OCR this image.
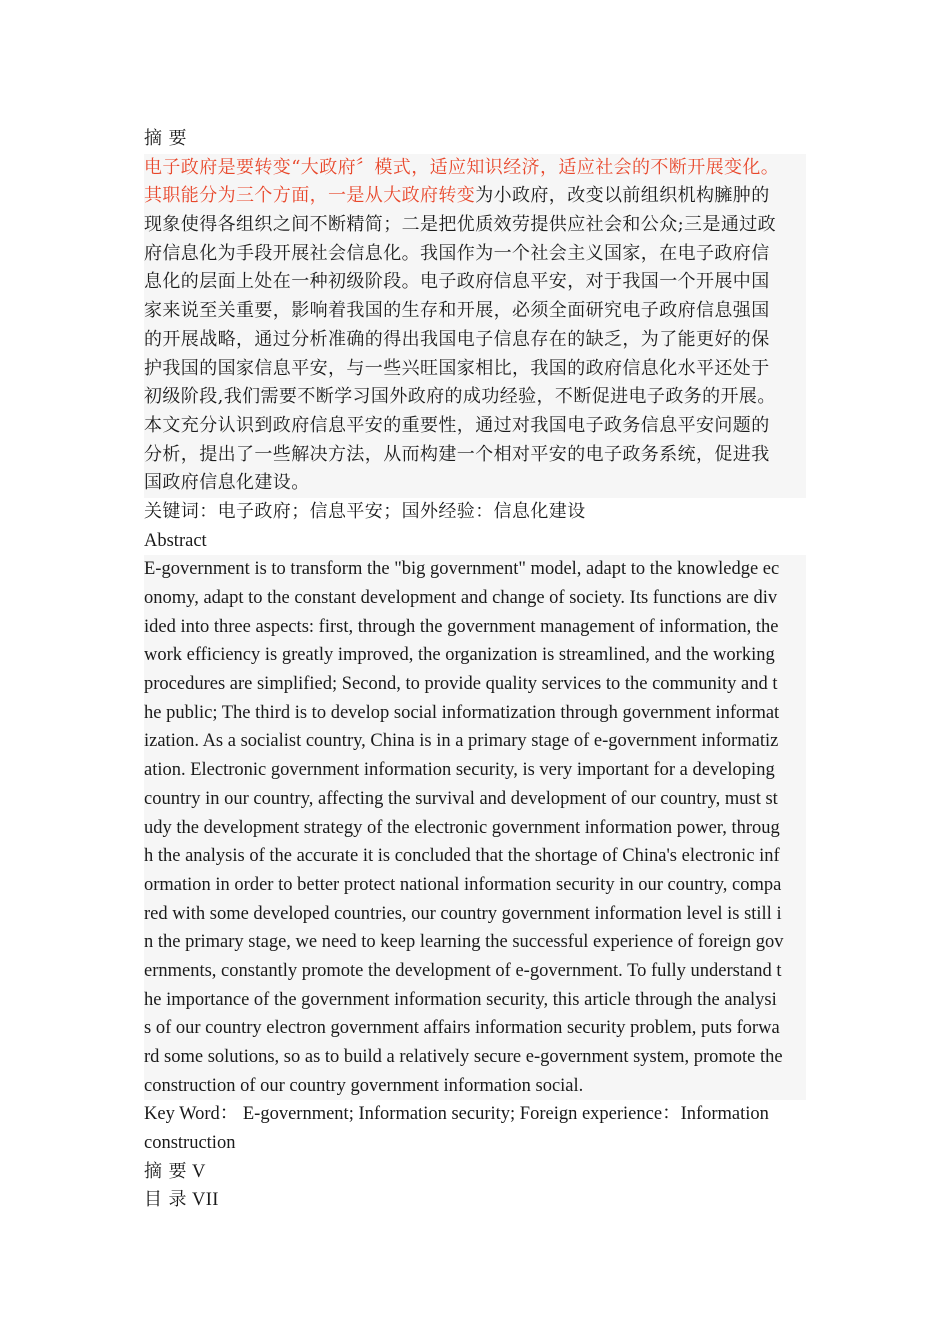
摘 要
电子政府是要转变“大政府〞模式，适应知识经济，适应社会的不断开展变化。
其职能分为三个方面，一是从大政府转变为小政府，改变以前组织机构臃肿的
现象使得各组织之间不断精简；二是把优质效劳提供应社会和公众;三是通过政
府信息化为手段开展社会信息化。我国作为一个社会主义国家，在电子政府信
息化的层面上处在一种初级阶段。电子政府信息平安，对于我国一个开展中国
家来说至关重要，影响着我国的生存和开展，必须全面研究电子政府信息强国
的开展战略，通过分析准确的得出我国电子信息存在的缺乏，为了能更好的保
护我国的国家信息平安，与一些兴旺国家相比，我国的政府信息化水平还处于
初级阶段,我们需要不断学习国外政府的成功经验，不断促进电子政务的开展。
本文充分认识到政府信息平安的重要性，通过对我国电子政务信息平安问题的
分析，提出了一些解决方法，从而构建一个相对平安的电子政务系统，促进我
国政府信息化建设。
关键词：电子政府；信息平安；国外经验：信息化建设
Abstract
E-government is to transform the "big government" model, adapt to the knowledge ec
onomy, adapt to the constant development and change of society. Its functions are div
ided into three aspects: first, through the government management of information, the
work efficiency is greatly improved, the organization is streamlined, and the working
procedures are simplified; Second, to provide quality services to the community and t
he public; The third is to develop social informatization through government informat
ization. As a socialist country, China is in a primary stage of e-government informatiz
ation. Electronic government information security, is very important for a developing
country in our country, affecting the survival and development of our country, must st
udy the development strategy of the electronic government information power, throug
h the analysis of the accurate it is concluded that the shortage of China's electronic inf
ormation in order to better protect national information security in our country, compa
red with some developed countries, our country government information level is still i
n the primary stage, we need to keep learning the successful experience of foreign gov
ernments, constantly promote the development of e-government. To fully understand t
he importance of the government information security, this article through the analysi
s of our country electron government affairs information security problem, puts forwa
rd some solutions, so as to build a relatively secure e-government system, promote the
construction of our country government information social.
Key Word： E-government; Information security; Foreign experience：Information
construction
摘 要 V
目 录 VII
